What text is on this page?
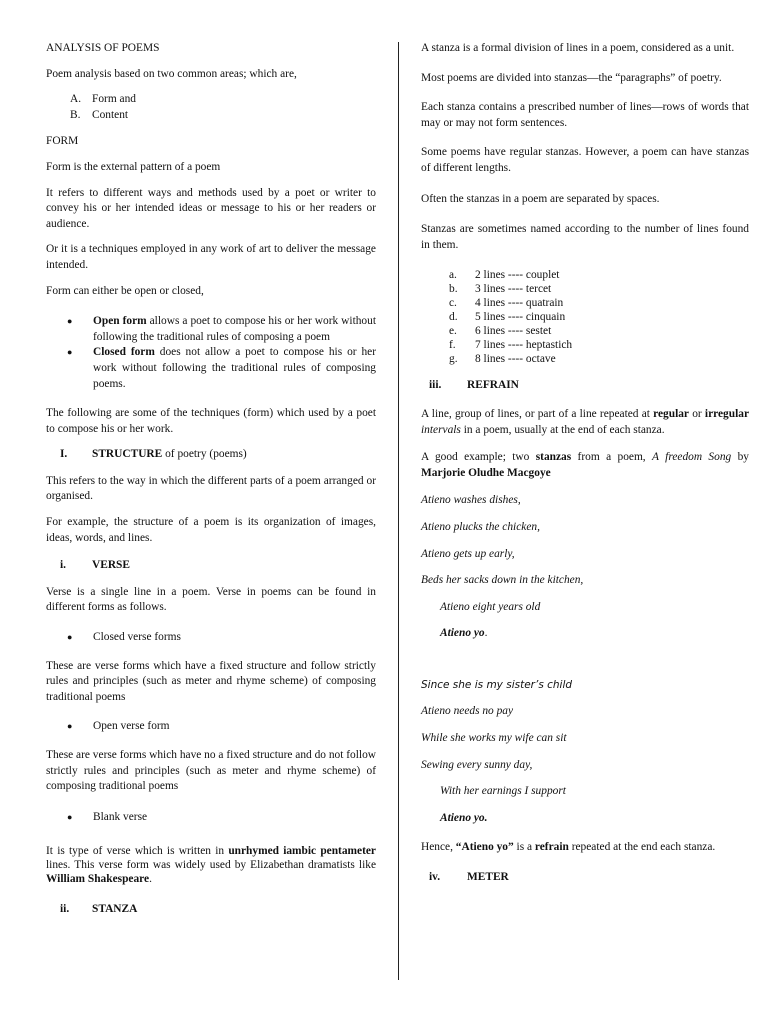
ANALYSIS OF POEMS

Poem analysis based on two common areas; which are,

A. Form and
B.	Content

FORM

Form is the external pattern of a poem

It refers to different ways and methods used by a poet or writer to convey his or her intended ideas or message to his or her readers or audience.

Or it is a techniques employed in any work of art to deliver the message intended.

Form can either be open or closed,

●	Open form allows a poet to compose his or her work without following the traditional rules of composing a poem
●	Closed form does not allow a poet to compose his or her work without following the traditional rules of composing poems.

The following are some of the techniques (form) which used by a poet to compose his or her work.

I.	STRUCTURE of poetry (poems)

This refers to the way in which the different parts of a poem arranged or organised.

For example, the structure of a poem is its organization of images, ideas, words, and lines.

i.	VERSE

Verse is a single line in a poem. Verse in poems can be found in different forms as follows.

●	Closed verse forms

These are verse forms which have a fixed structure and follow strictly rules and principles (such as meter and rhyme scheme) of composing traditional poems

●	Open verse form

These are verse forms which have no a fixed structure and do not follow strictly rules and principles (such as meter and rhyme scheme) of composing traditional poems

●	Blank verse

It is type of verse which is written in unrhymed iambic pentameter lines. This verse form was widely used by Elizabethan dramatists like William Shakespeare.

ii.	STANZA

A stanza is a formal division of lines in a poem, considered as a unit.

Most poems are divided into stanzas—the “paragraphs” of poetry.

Each stanza contains a prescribed number of lines—rows of words that may or may not form sentences.

Some poems have regular stanzas. However, a poem can have stanzas of different lengths.

Often the stanzas in a poem are separated by spaces.

Stanzas are sometimes named according to the number of lines found in them.

a.	2 lines ---- couplet
b.	3 lines ---- tercet
c.	4 lines ---- quatrain
d.	5 lines ---- cinquain
e.	6 lines ---- sestet
f.	7 lines ---- heptastich
g.	8 lines ---- octave
iii.	REFRAIN

A line, group of lines, or part of a line repeated at regular or irregular intervals in a poem, usually at the end of each stanza.

A good example; two stanzas from a poem, A freedom Song by Marjorie Oludhe Macgoye

Atieno washes dishes,

Atieno plucks the chicken,

Atieno gets up early,

Beds her sacks down in the kitchen,

Atieno eight years old

Atieno yo.

Since she is my sister’s child

Atieno needs no pay

While she works my wife can sit

Sewing every sunny day,

With her earnings I support

Atieno yo.

Hence, “Atieno yo” is a refrain repeated at the end each stanza.

iv.	METER
